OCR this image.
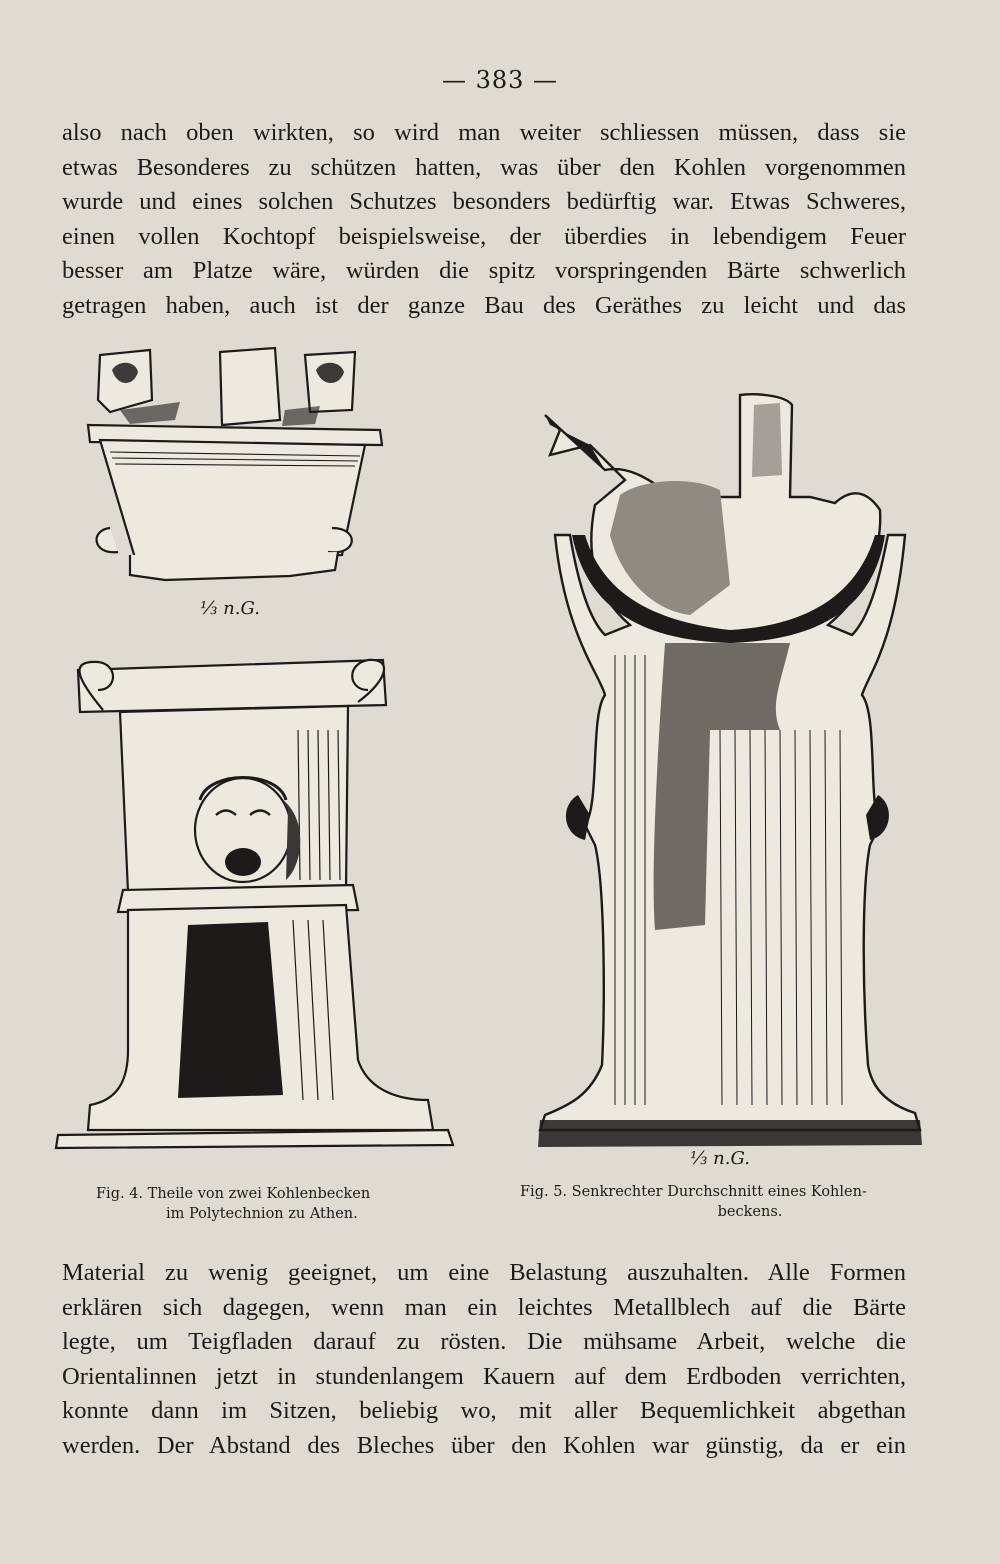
— 383 —
also nach oben wirkten, so wird man weiter schliessen müssen, dass sie
etwas Besonderes zu schützen hatten, was über den Kohlen vorgenommen
wurde und eines solchen Schutzes besonders bedürftig war. Etwas Schweres,
einen vollen Kochtopf beispielsweise, der überdies in lebendigem Feuer
besser am Platze wäre, würden die spitz vorspringenden Bärte schwerlich
getragen haben, auch ist der ganze Bau des Geräthes zu leicht und das
⅓ n.G.
⅓ n.G.
Fig. 4. Theile von zwei Kohlenbecken
im Polytechnion zu Athen.
Fig. 5. Senkrechter Durchschnitt eines Kohlen-
beckens.
Material zu wenig geeignet, um eine Belastung auszuhalten. Alle Formen
erklären sich dagegen, wenn man ein leichtes Metallblech auf die Bärte
legte, um Teigfladen darauf zu rösten. Die mühsame Arbeit, welche die
Orientalinnen jetzt in stundenlangem Kauern auf dem Erdboden verrichten,
konnte dann im Sitzen, beliebig wo, mit aller Bequemlichkeit abgethan
werden. Der Abstand des Bleches über den Kohlen war günstig, da er ein
